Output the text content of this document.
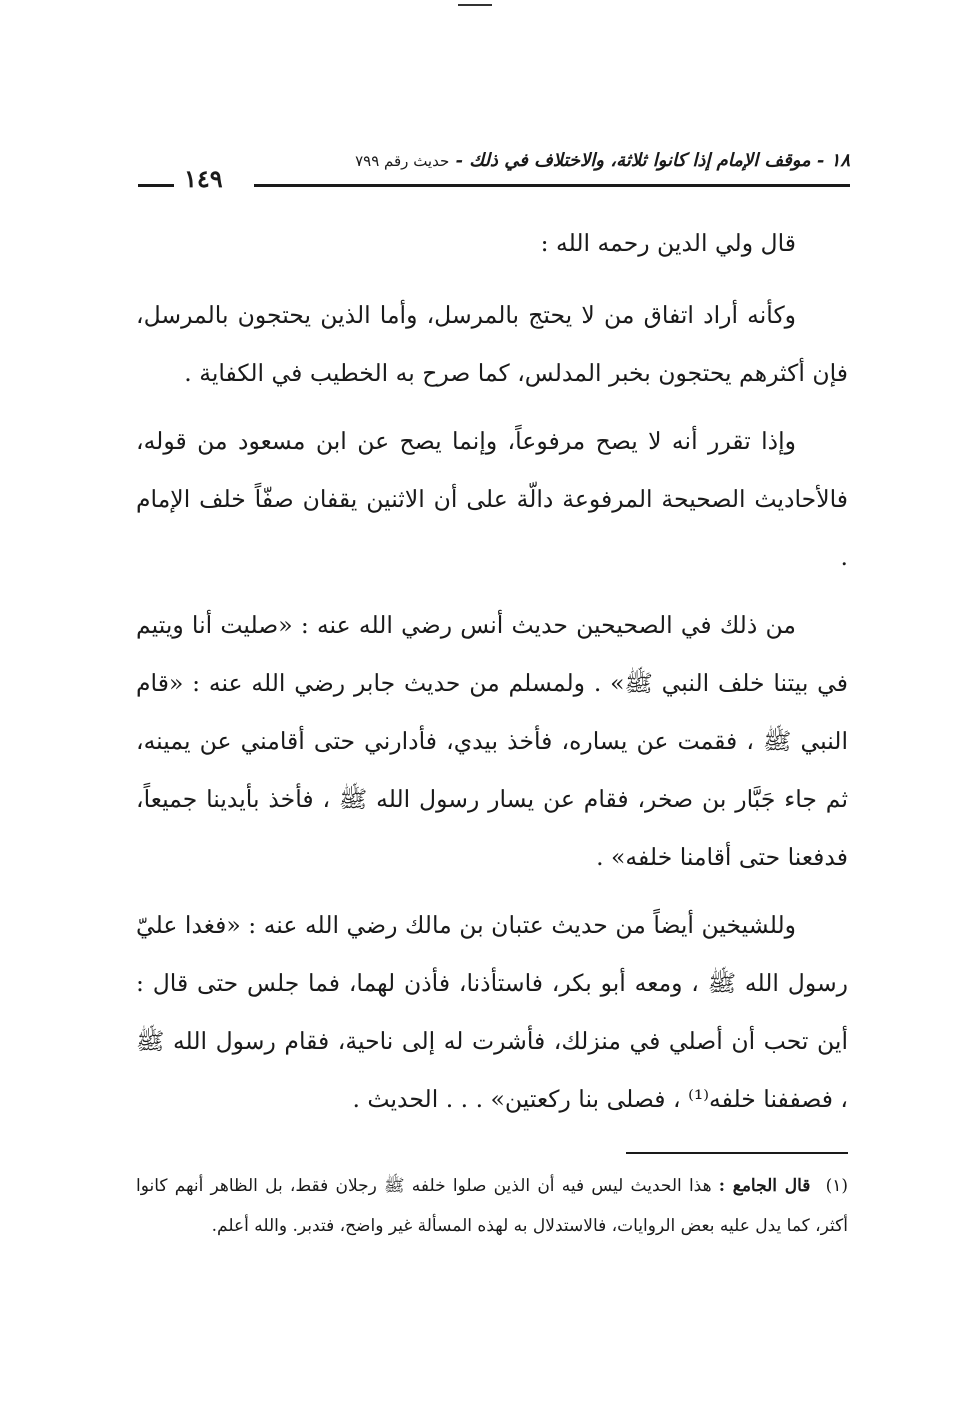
١٨ - موقف الإمام إذا كانوا ثلاثة، والاختلاف في ذلك - حديث رقم ٧٩٩
١٤٩

قال ولي الدين رحمه الله :

وكأنه أراد اتفاق من لا يحتج بالمرسل، وأما الذين يحتجون بالمرسل، فإن أكثرهم يحتجون بخبر المدلس، كما صرح به الخطيب في الكفاية .

وإذا تقرر أنه لا يصح مرفوعاً، وإنما يصح عن ابن مسعود من قوله، فالأحاديث الصحيحة المرفوعة دالّة على أن الاثنين يقفان صفّاً خلف الإمام .

من ذلك في الصحيحين حديث أنس رضي الله عنه : «صليت أنا ويتيم في بيتنا خلف النبي ﷺ» . ولمسلم من حديث جابر رضي الله عنه : «قام النبي ﷺ ، فقمت عن يساره، فأخذ بيدي، فأدارني حتى أقامني عن يمينه، ثم جاء جَبَّار بن صخر، فقام عن يسار رسول الله ﷺ ، فأخذ بأيدينا جميعاً، فدفعنا حتى أقامنا خلفه» .

وللشيخين أيضاً من حديث عتبان بن مالك رضي الله عنه : «فغدا عليّ رسول الله ﷺ ، ومعه أبو بكر، فاستأذنا، فأذن لهما، فما جلس حتى قال : أين تحب أن أصلي في منزلك، فأشرت له إلى ناحية، فقام رسول الله ﷺ ، فصففنا خلفه⁽¹⁾ ، فصلى بنا ركعتين» . . . الحديث .

(١) قال الجامع : هذا الحديث ليس فيه أن الذين صلوا خلفه ﷺ رجلان فقط، بل الظاهر أنهم كانوا أكثر، كما يدل عليه بعض الروايات، فالاستدلال به لهذه المسألة غير واضح، فتدبر. والله أعلم.
